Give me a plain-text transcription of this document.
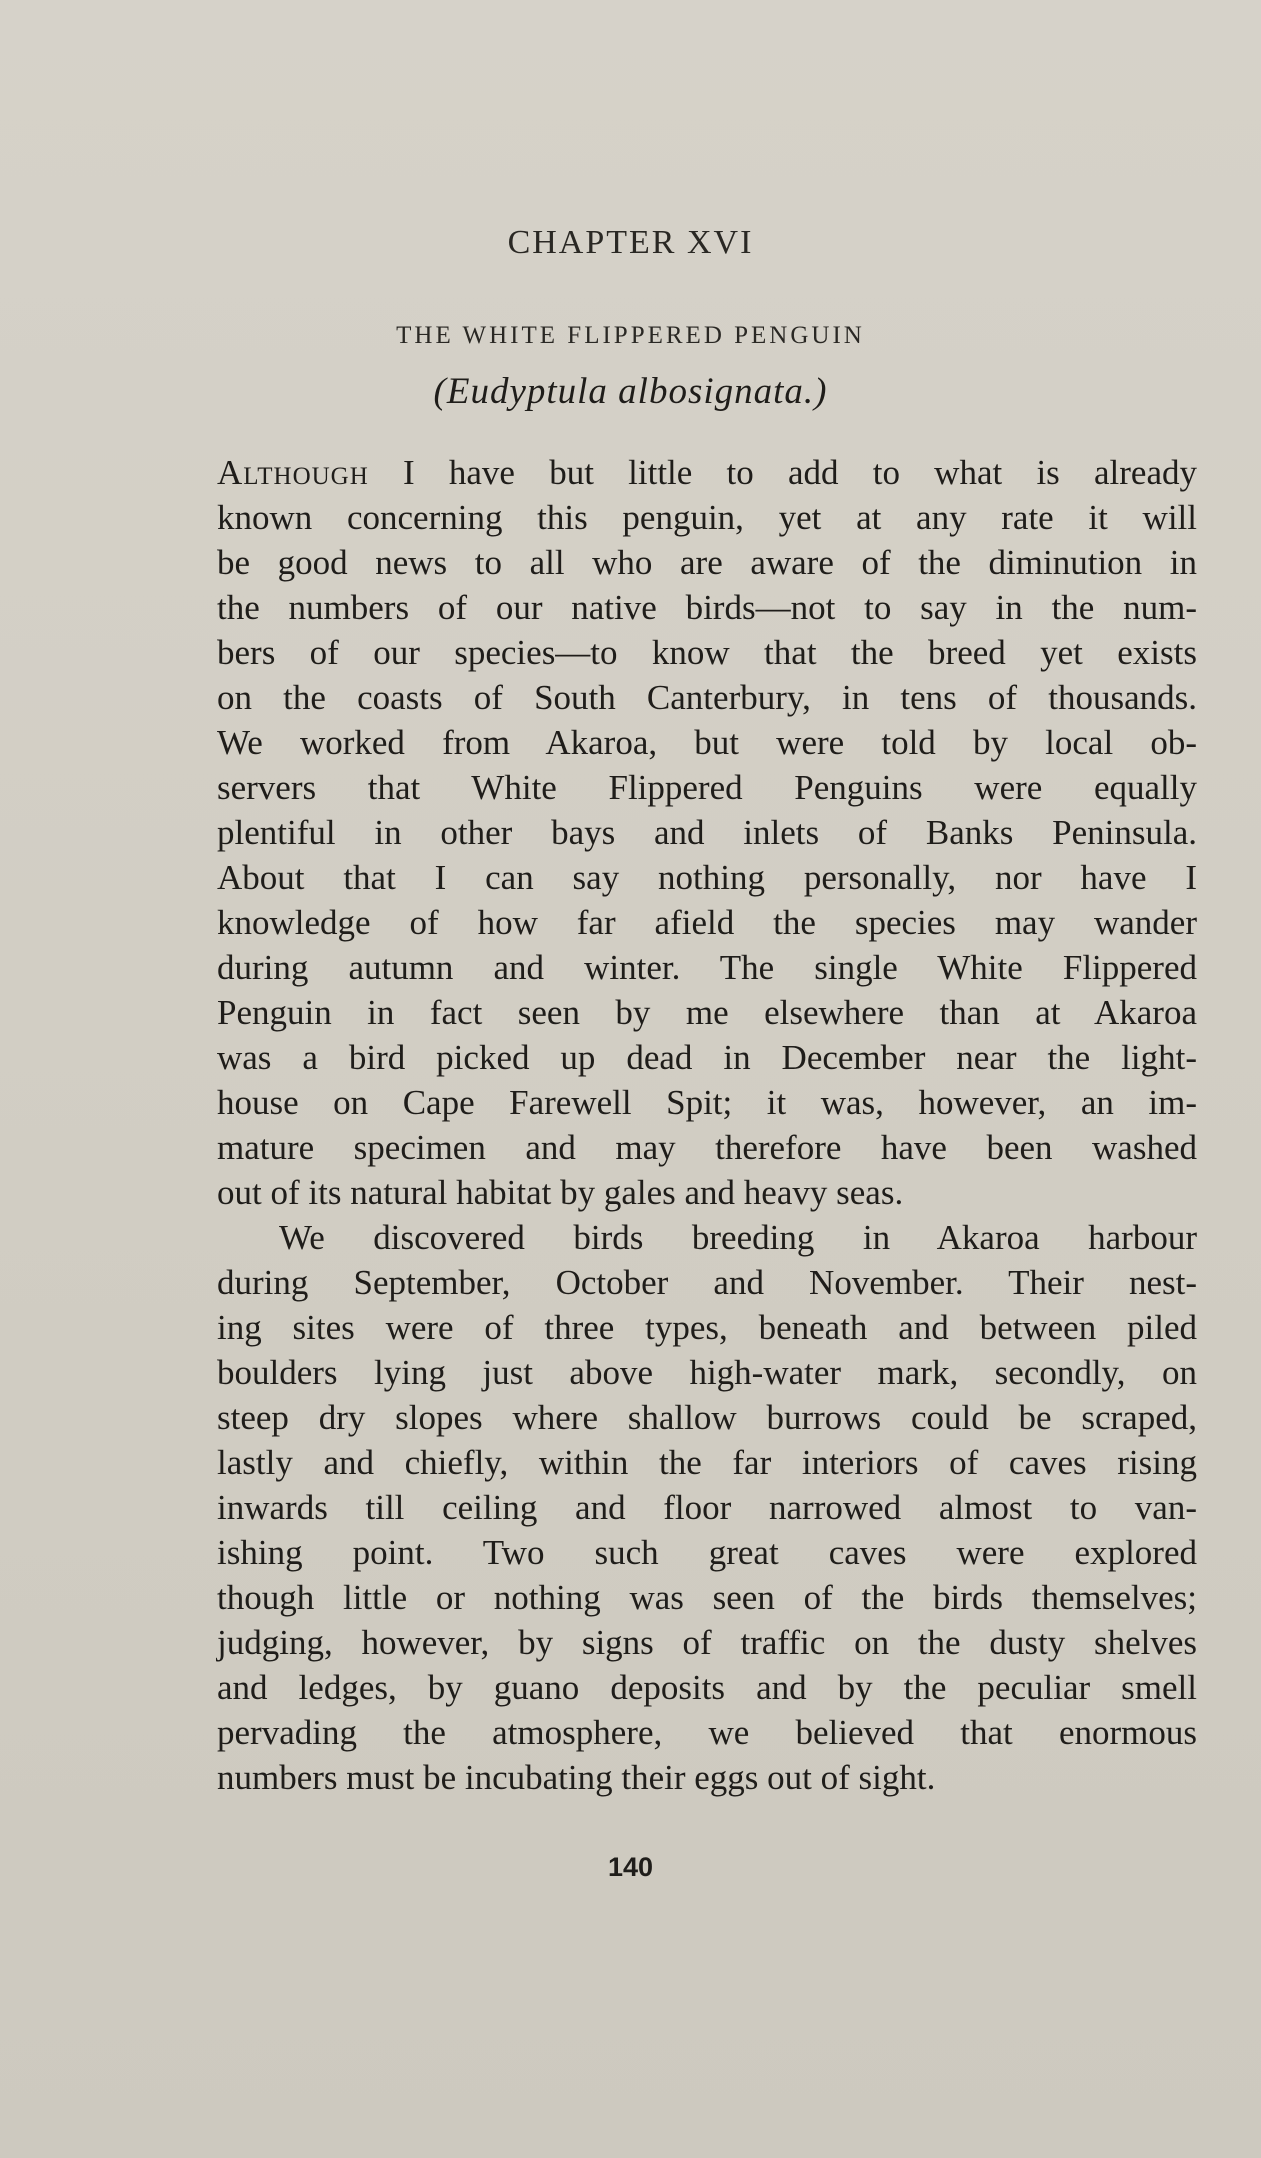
CHAPTER XVI
THE WHITE FLIPPERED PENGUIN
(Eudyptula albosignata.)
Although I have but little to add to what is already
known concerning this penguin, yet at any rate it will
be good news to all who are aware of the diminution in
the numbers of our native birds—not to say in the num-
bers of our species—to know that the breed yet exists
on the coasts of South Canterbury, in tens of thousands.
We worked from Akaroa, but were told by local ob-
servers that White Flippered Penguins were equally
plentiful in other bays and inlets of Banks Peninsula.
About that I can say nothing personally, nor have I
knowledge of how far afield the species may wander
during autumn and winter. The single White Flippered
Penguin in fact seen by me elsewhere than at Akaroa
was a bird picked up dead in December near the light-
house on Cape Farewell Spit; it was, however, an im-
mature specimen and may therefore have been washed
out of its natural habitat by gales and heavy seas.
We discovered birds breeding in Akaroa harbour
during September, October and November. Their nest-
ing sites were of three types, beneath and between piled
boulders lying just above high-water mark, secondly, on
steep dry slopes where shallow burrows could be scraped,
lastly and chiefly, within the far interiors of caves rising
inwards till ceiling and floor narrowed almost to van-
ishing point. Two such great caves were explored
though little or nothing was seen of the birds themselves;
judging, however, by signs of traffic on the dusty shelves
and ledges, by guano deposits and by the peculiar smell
pervading the atmosphere, we believed that enormous
numbers must be incubating their eggs out of sight.
140
